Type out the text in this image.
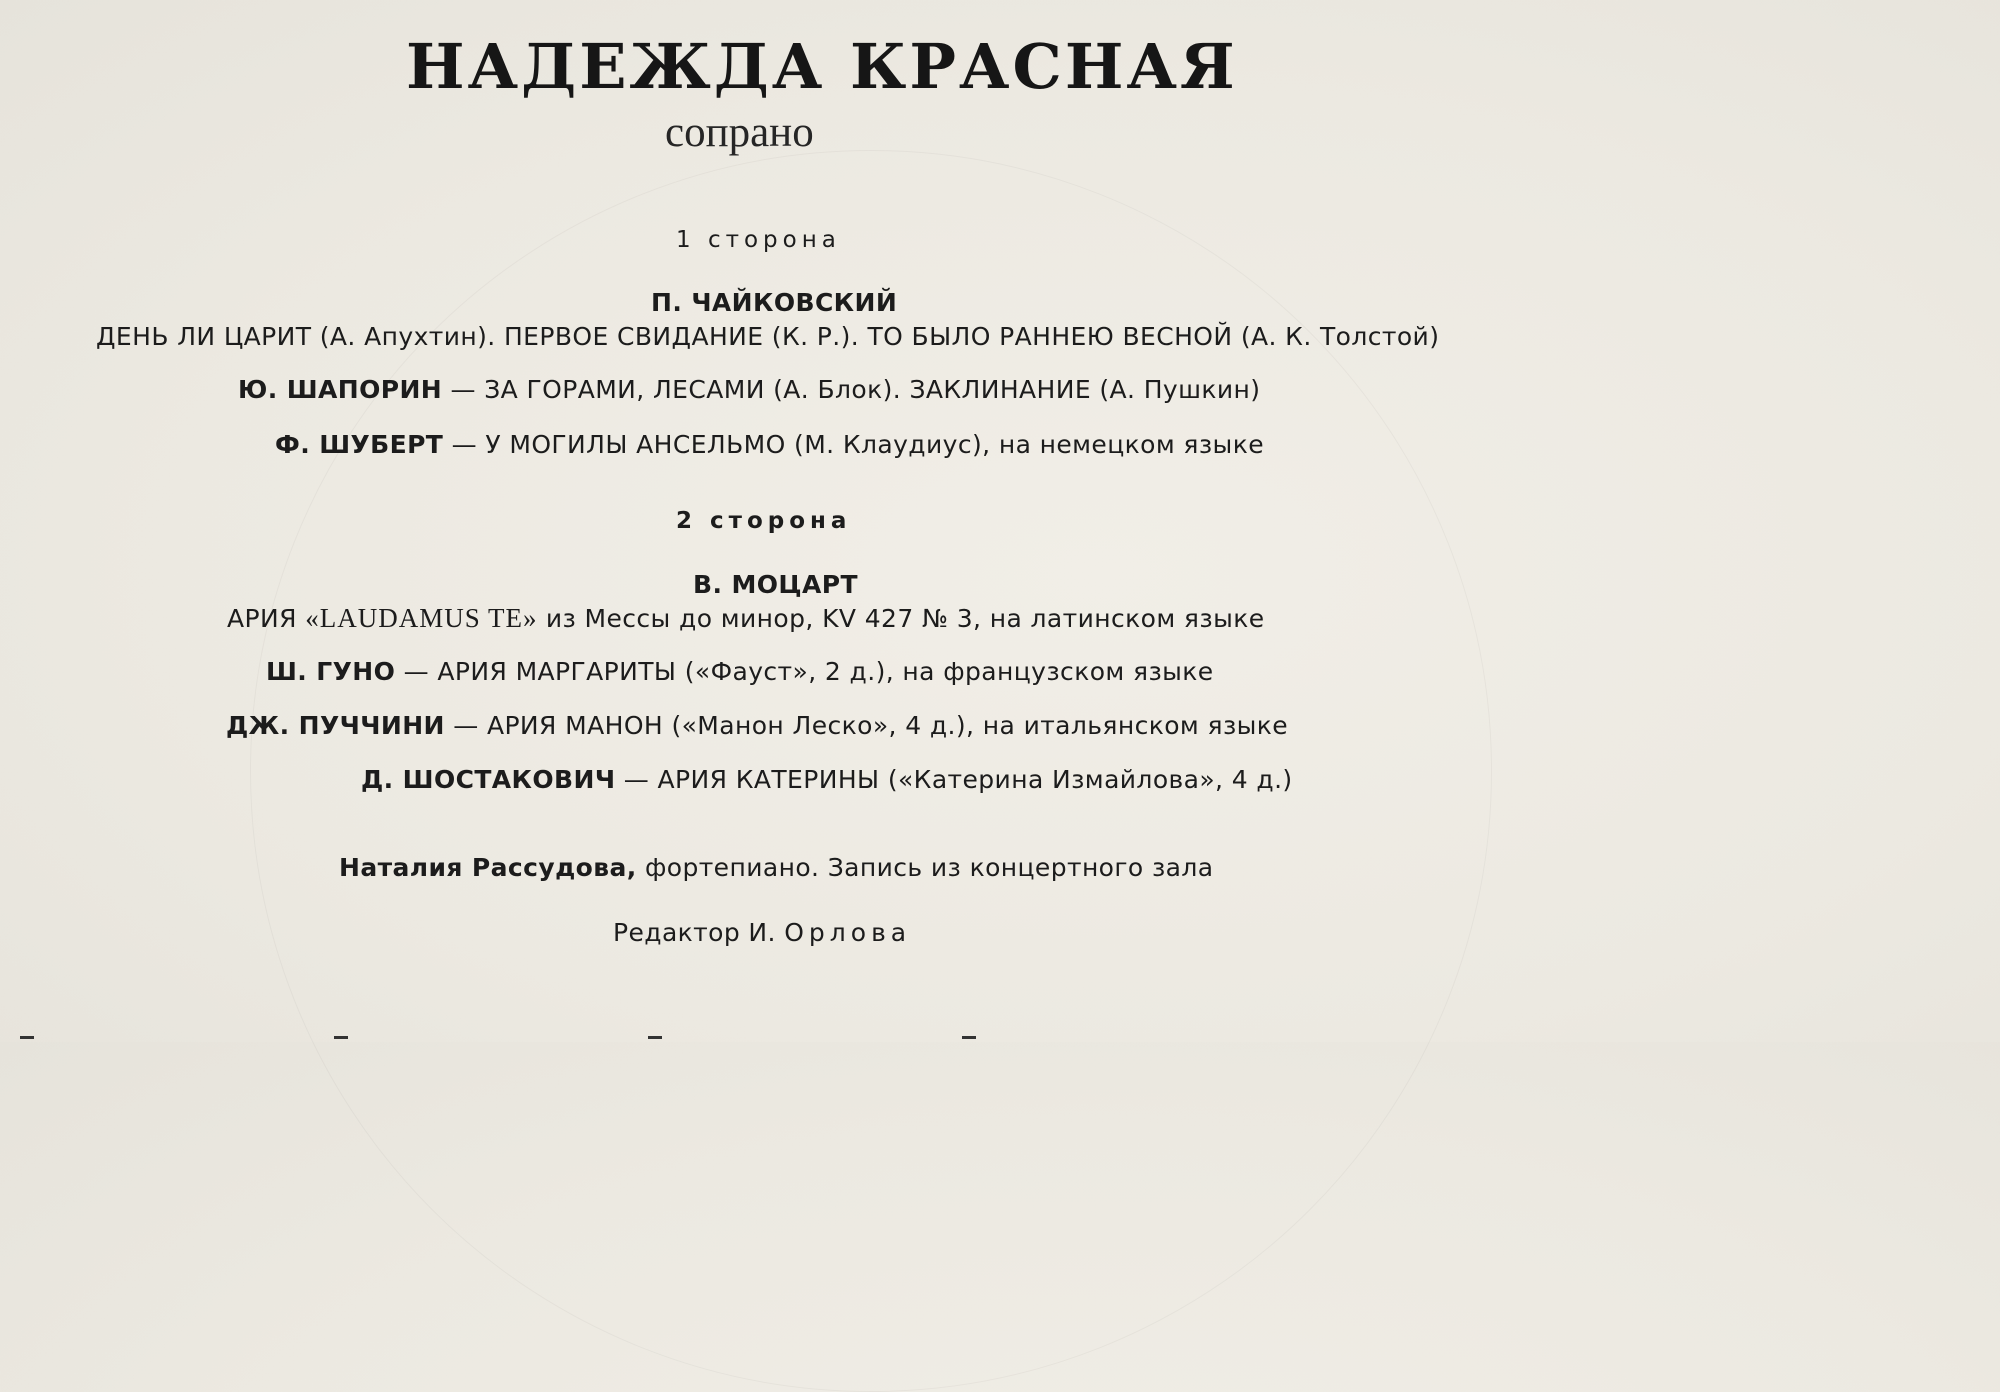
НАДЕЖДА КРАСНАЯ
сопрано
1 сторона
П. ЧАЙКОВСКИЙ
ДЕНЬ ЛИ ЦАРИТ (А. Апухтин). ПЕРВОЕ СВИДАНИЕ (К. Р.). ТО БЫЛО РАННЕЮ ВЕСНОЙ (А. К. Толстой)
Ю. ШАПОРИН — ЗА ГОРАМИ, ЛЕСАМИ (А. Блок). ЗАКЛИНАНИЕ (А. Пушкин)
Ф. ШУБЕРТ — У МОГИЛЫ АНСЕЛЬМО (М. Клаудиус), на немецком языке
2 сторона
В. МОЦАРТ
АРИЯ «LAUDAMUS TE» из Мессы до минор, KV 427 № 3, на латинском языке
Ш. ГУНО — АРИЯ МАРГАРИТЫ («Фауст», 2 д.), на французском языке
ДЖ. ПУЧЧИНИ — АРИЯ МАНОН («Манон Леско», 4 д.), на итальянском языке
Д. ШОСТАКОВИЧ — АРИЯ КАТЕРИНЫ («Катерина Измайлова», 4 д.)
Наталия Рассудова, фортепиано. Запись из концертного зала
Редактор И. Орлова
